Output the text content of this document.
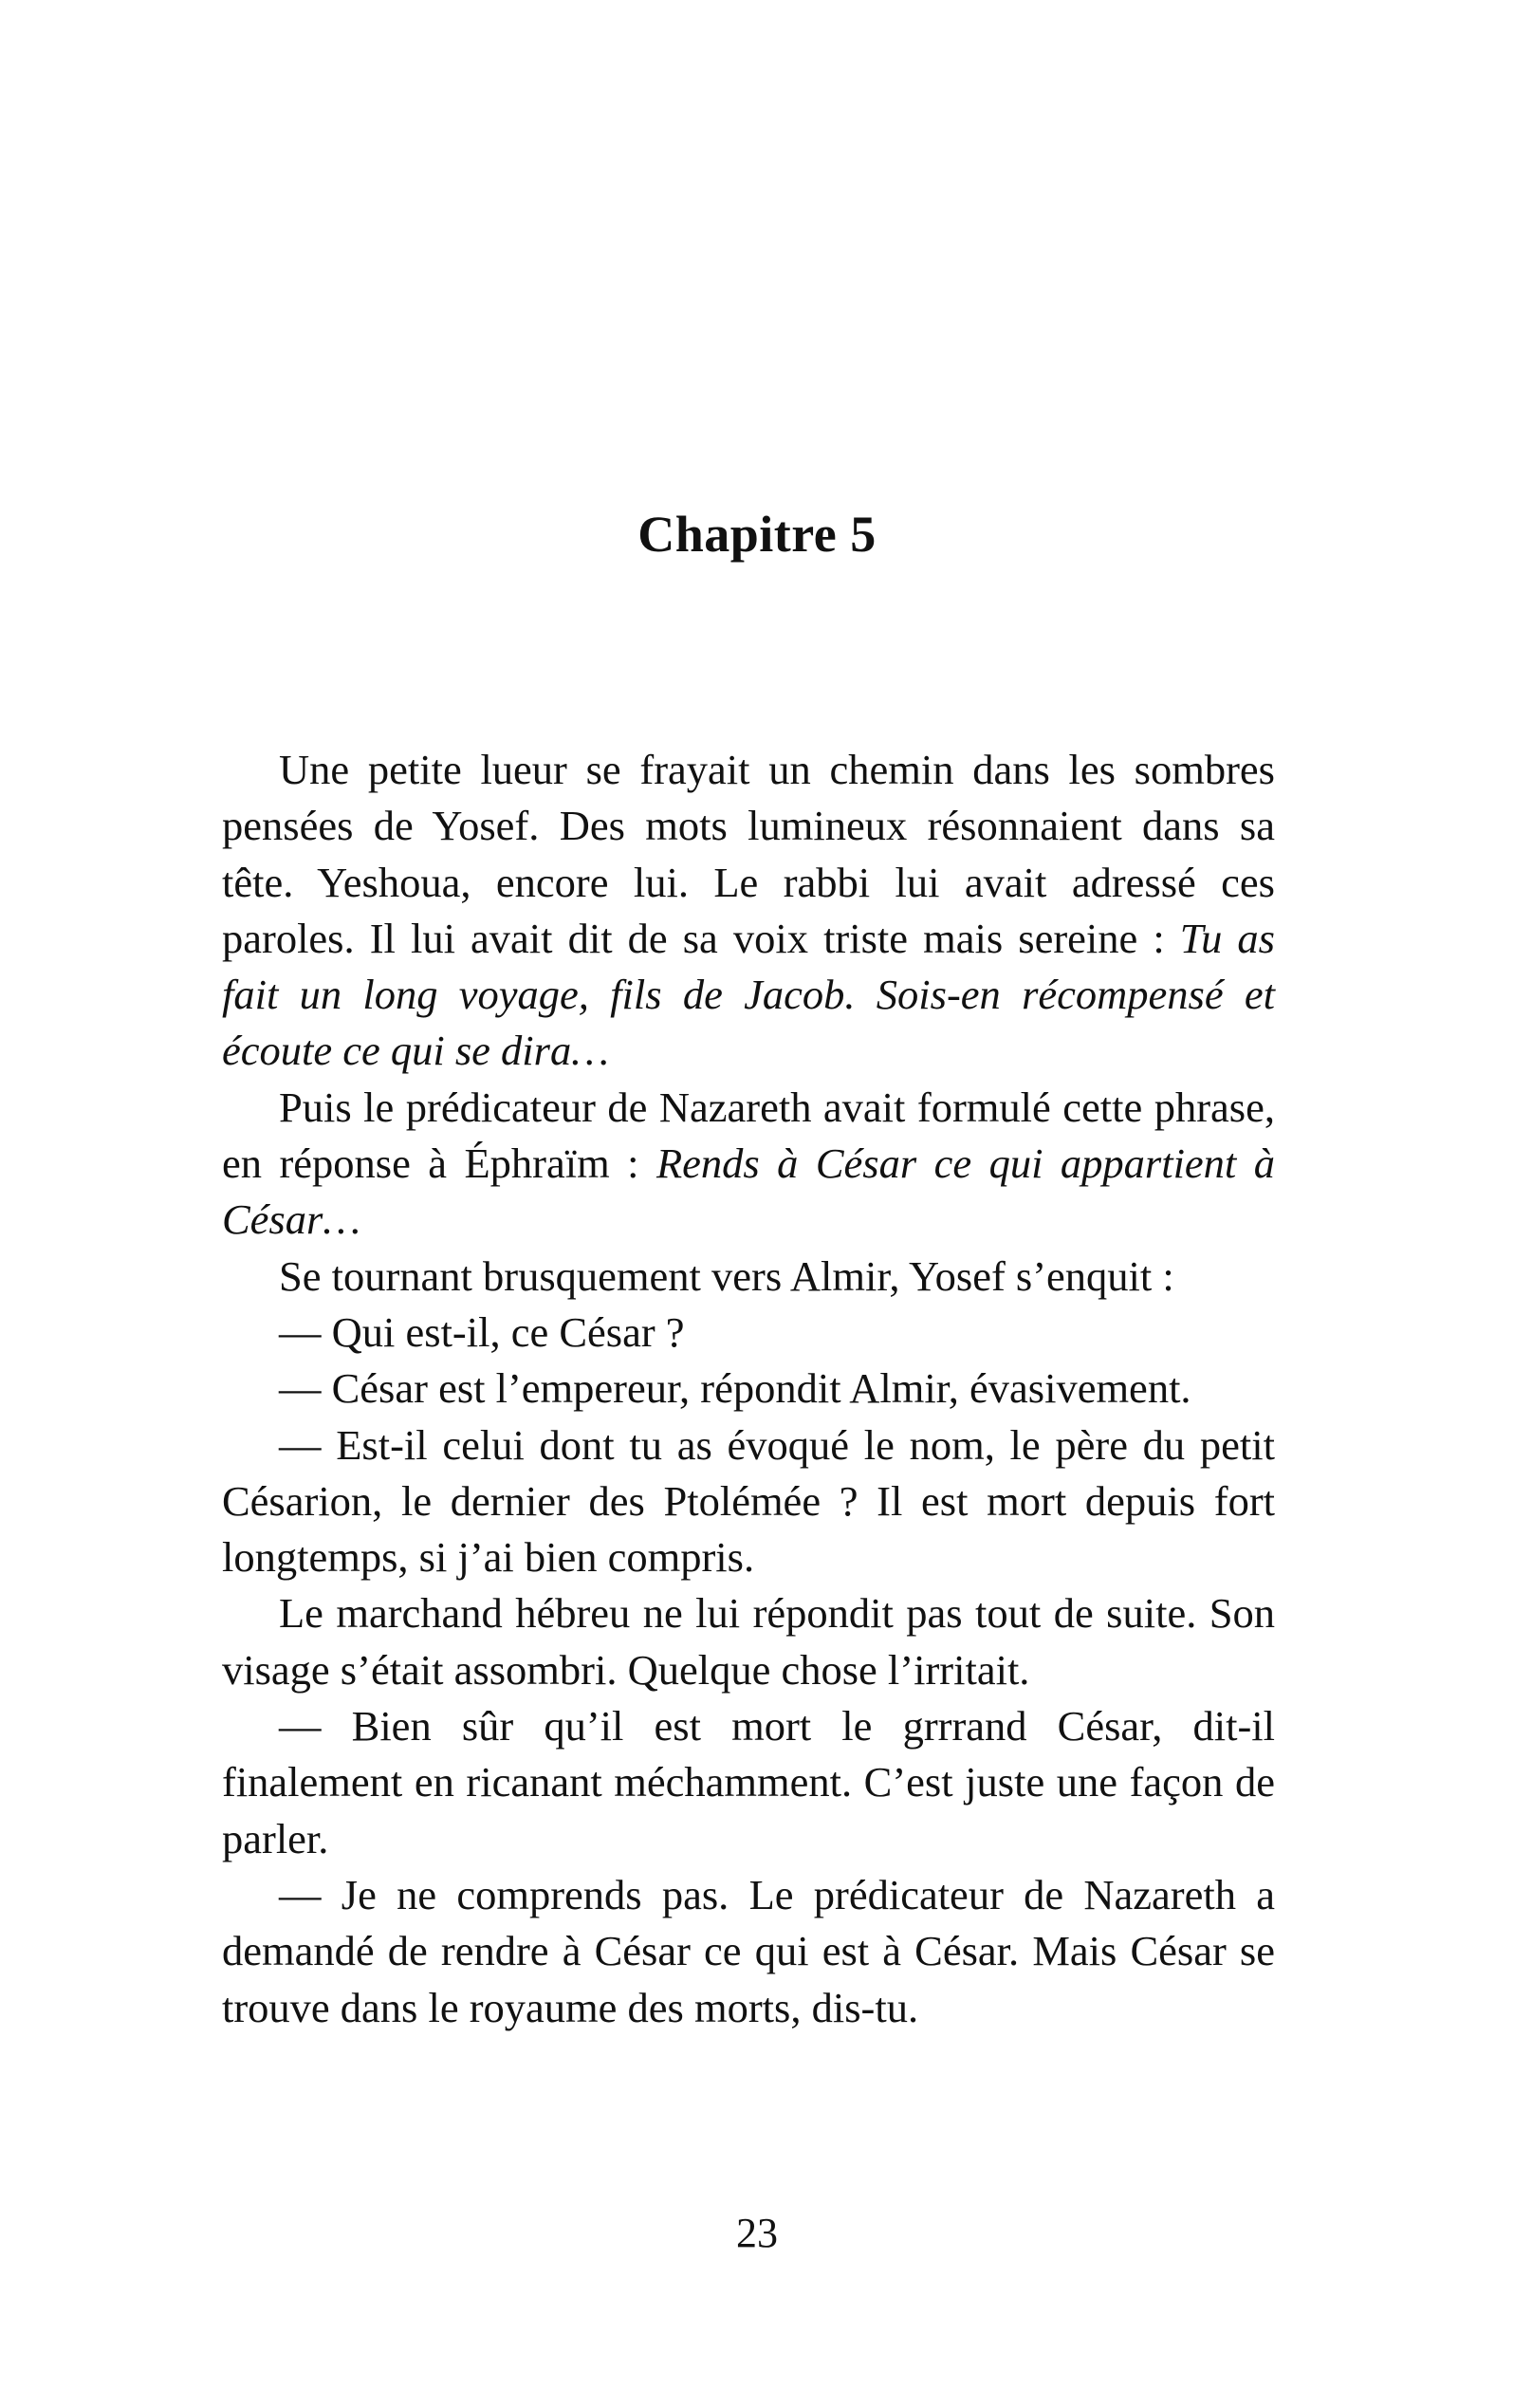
Chapitre 5

Une petite lueur se frayait un chemin dans les sombres pensées de Yosef. Des mots lumineux résonnaient dans sa tête. Yeshoua, encore lui. Le rabbi lui avait adressé ces paroles. Il lui avait dit de sa voix triste mais sereine : Tu as fait un long voyage, fils de Jacob. Sois-en récompensé et écoute ce qui se dira…

Puis le prédicateur de Nazareth avait formulé cette phrase, en réponse à Éphraïm : Rends à César ce qui appartient à César…

Se tournant brusquement vers Almir, Yosef s’enquit :

— Qui est-il, ce César ?

— César est l’empereur, répondit Almir, évasivement.

— Est-il celui dont tu as évoqué le nom, le père du petit Césarion, le dernier des Ptolémée ? Il est mort depuis fort longtemps, si j’ai bien compris.

Le marchand hébreu ne lui répondit pas tout de suite. Son visage s’était assombri. Quelque chose l’irritait.

— Bien sûr qu’il est mort le grrrand César, dit-il finalement en ricanant méchamment. C’est juste une façon de parler.

— Je ne comprends pas. Le prédicateur de Nazareth a demandé de rendre à César ce qui est à César. Mais César se trouve dans le royaume des morts, dis-tu.

23
